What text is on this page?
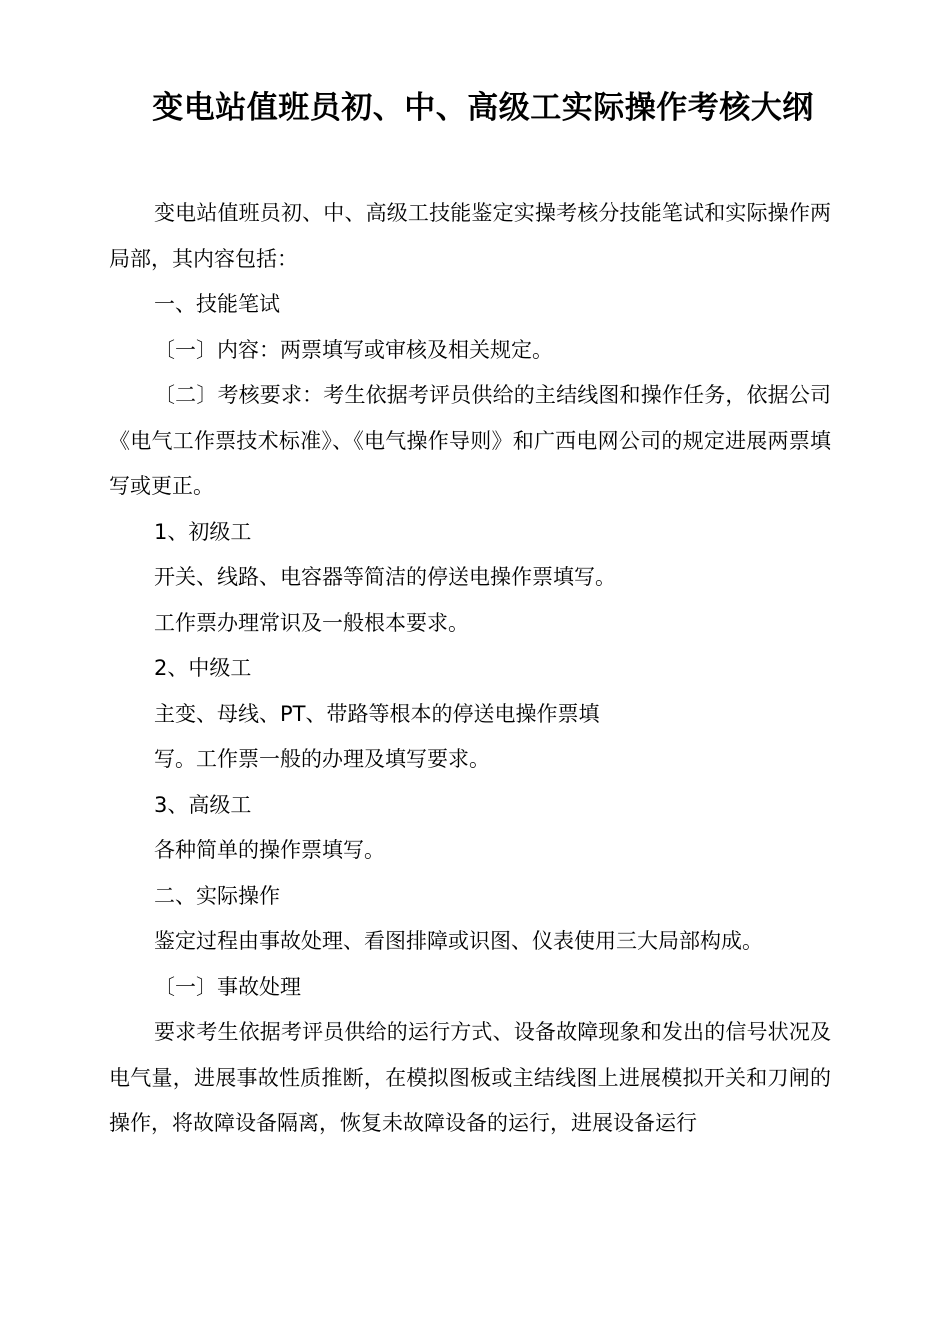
变电站值班员初、中、高级工实际操作考核大纲

变电站值班员初、中、高级工技能鉴定实操考核分技能笔试和实际操作两局部，其内容包括：

一、技能笔试

〔一〕内容：两票填写或审核及相关规定。

〔二〕考核要求：考生依据考评员供给的主结线图和操作任务，依据公司《电气工作票技术标准》、《电气操作导则》和广西电网公司的规定进展两票填写或更正。

1、初级工

开关、线路、电容器等简洁的停送电操作票填写。

工作票办理常识及一般根本要求。

2、中级工

主变、母线、PT、带路等根本的停送电操作票填

写。工作票一般的办理及填写要求。

3、高级工

各种简单的操作票填写。

二、实际操作

鉴定过程由事故处理、看图排障或识图、仪表使用三大局部构成。

〔一〕事故处理

要求考生依据考评员供给的运行方式、设备故障现象和发出的信号状况及电气量，进展事故性质推断，在模拟图板或主结线图上进展模拟开关和刀闸的操作，将故障设备隔离，恢复未故障设备的运行，进展设备运行
